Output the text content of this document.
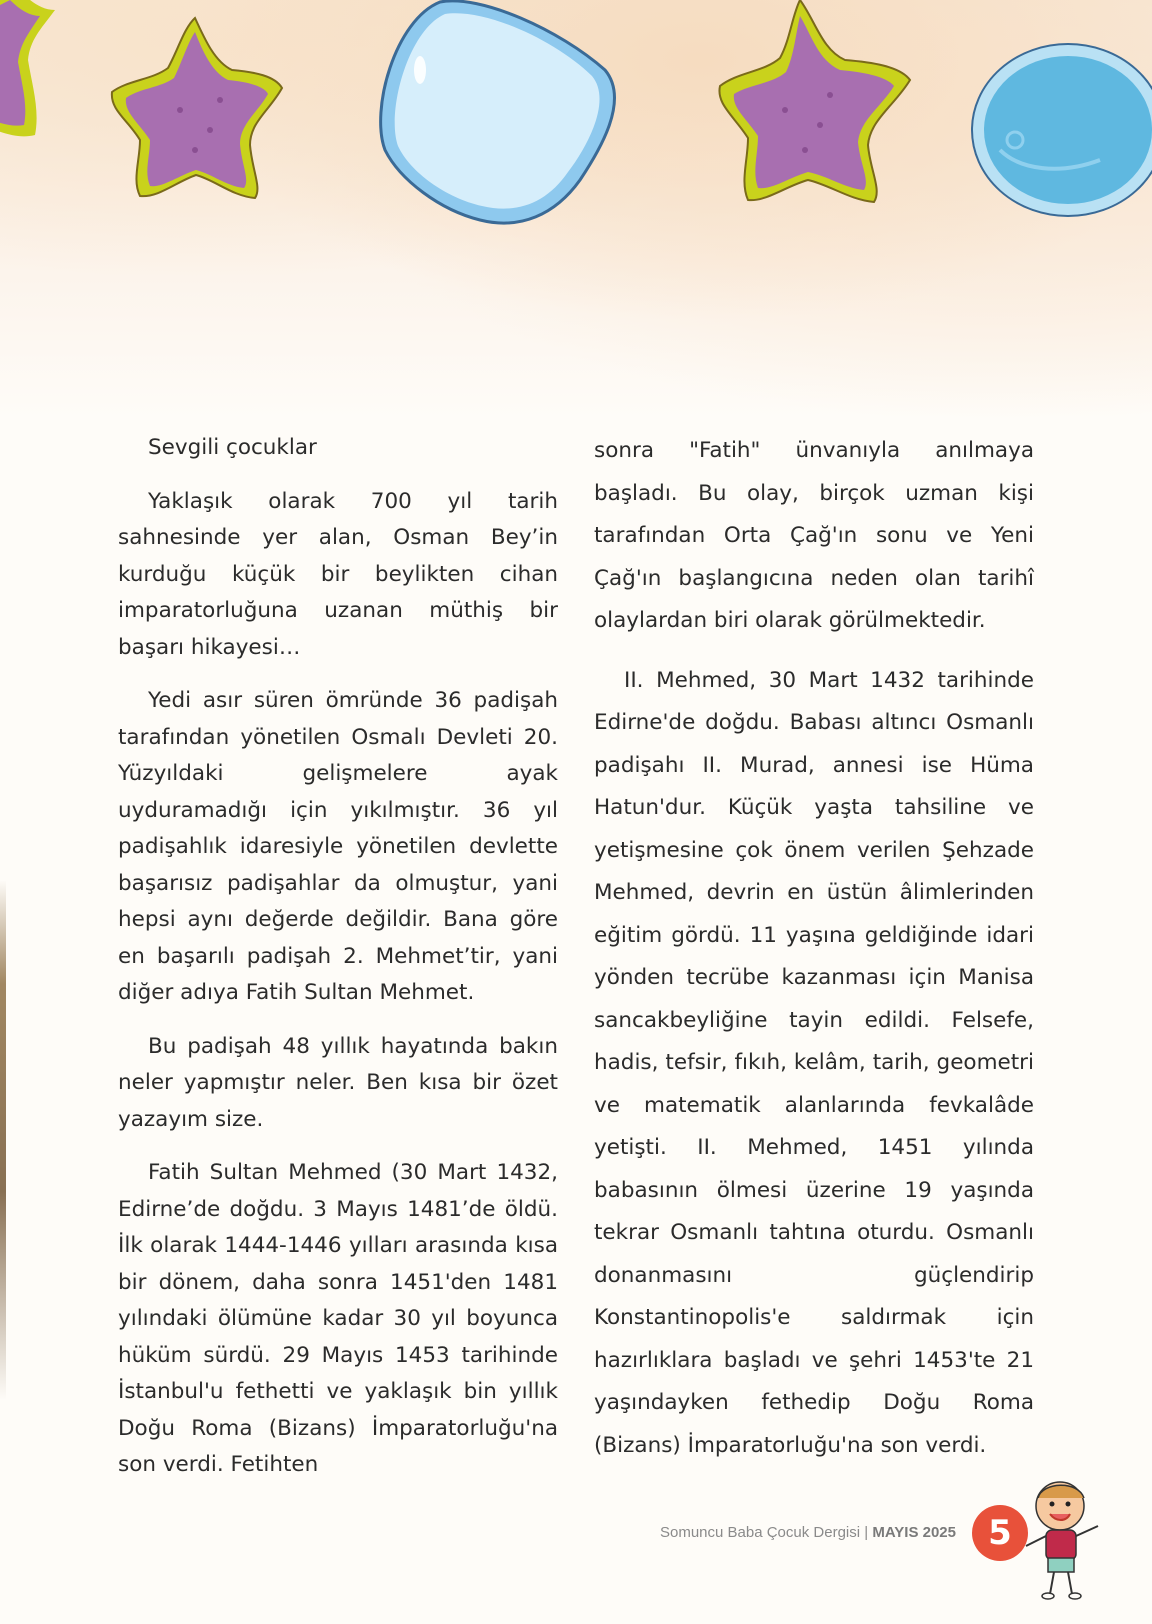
Sevgili çocuklar

Yaklaşık olarak 700 yıl tarih sahnesinde yer alan, Osman Bey’in kurduğu küçük bir beylikten cihan imparatorluğuna uzanan müthiş bir başarı hikayesi…

Yedi asır süren ömründe 36 padişah tarafından yönetilen Osmalı Devleti 20. Yüzyıldaki gelişmelere ayak uyduramadığı için yıkılmıştır. 36 yıl padişahlık idaresiyle yönetilen devlette başarısız padişahlar da olmuştur, yani hepsi aynı değerde değildir. Bana göre en başarılı padişah 2. Mehmet’tir, yani diğer adıya Fatih Sultan Mehmet.

Bu padişah 48 yıllık hayatında bakın neler yapmıştır neler. Ben kısa bir özet yazayım size.

Fatih Sultan Mehmed (30 Mart 1432, Edirne’de doğdu. 3 Mayıs 1481’de öldü. İlk olarak 1444-1446 yılları arasında kısa bir dönem, daha sonra 1451'den 1481 yılındaki ölümüne kadar 30 yıl boyunca hüküm sürdü. 29 Mayıs 1453 tarihinde İstanbul'u fethetti ve yaklaşık bin yıllık Doğu Roma (Bizans) İmparatorluğu'na son verdi. Fetihten

sonra "Fatih" ünvanıyla anılmaya başladı. Bu olay, birçok uzman kişi tarafından Orta Çağ'ın sonu ve Yeni Çağ'ın başlangıcına neden olan tarihî olaylardan biri olarak görülmektedir.

II. Mehmed, 30 Mart 1432 tarihinde Edirne'de doğdu. Babası altıncı Osmanlı padişahı II. Murad, annesi ise Hüma Hatun'dur. Küçük yaşta tahsiline ve yetişmesine çok önem verilen Şehzade Mehmed, devrin en üstün âlimlerinden eğitim gördü. 11 yaşına geldiğinde idari yönden tecrübe kazanması için Manisa sancakbeyliğine tayin edildi. Felsefe, hadis, tefsir, fıkıh, kelâm, tarih, geometri ve matematik alanlarında fevkalâde yetişti. II. Mehmed, 1451 yılında babasının ölmesi üzerine 19 yaşında tekrar Osmanlı tahtına oturdu. Osmanlı donanmasını güçlendirip Konstantinopolis'e saldırmak için hazırlıklara başladı ve şehri 1453'te 21 yaşındayken fethedip Doğu Roma (Bizans) İmparatorluğu'na son verdi.

Somuncu Baba Çocuk Dergisi | MAYIS 2025 5
